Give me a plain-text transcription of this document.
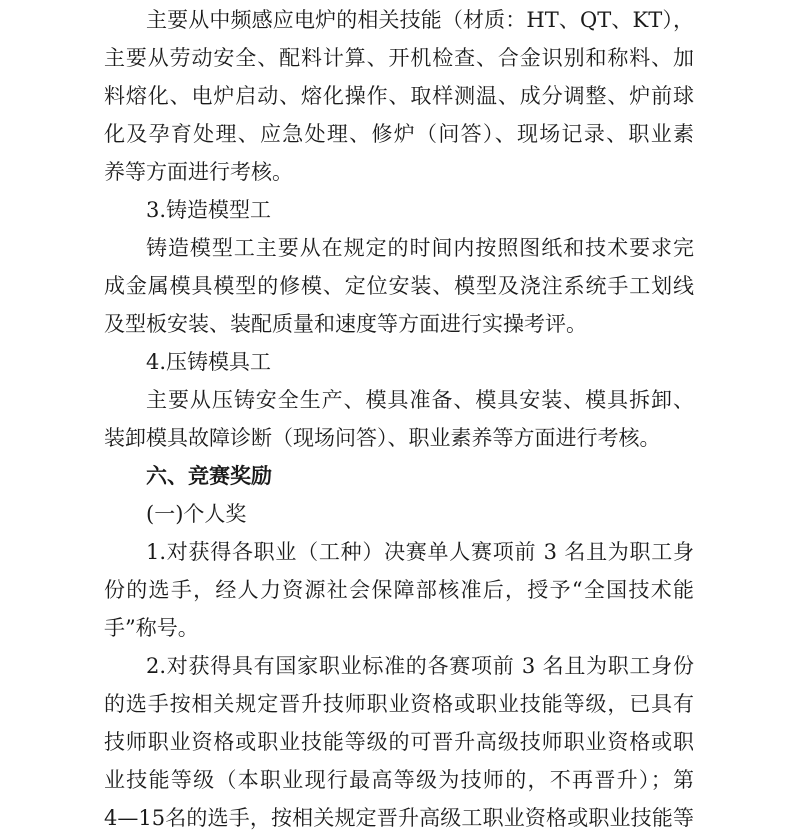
主要从中频感应电炉的相关技能（材质：HT、QT、KT），
主要从劳动安全、配料计算、开机检查、合金识别和称料、加
料熔化、电炉启动、熔化操作、取样测温、成分调整、炉前球
化及孕育处理、应急处理、修炉（问答）、现场记录、职业素
养等方面进行考核。
3.铸造模型工
铸造模型工主要从在规定的时间内按照图纸和技术要求完
成金属模具模型的修模、定位安装、模型及浇注系统手工划线
及型板安装、装配质量和速度等方面进行实操考评。
4.压铸模具工
主要从压铸安全生产、模具准备、模具安装、模具拆卸、
装卸模具故障诊断（现场问答）、职业素养等方面进行考核。
六、竞赛奖励
(一)个人奖
1.对获得各职业（工种）决赛单人赛项前 3 名且为职工身
份的选手，经人力资源社会保障部核准后，授予“全国技术能
手”称号。
2.对获得具有国家职业标准的各赛项前 3 名且为职工身份
的选手按相关规定晋升技师职业资格或职业技能等级，已具有
技师职业资格或职业技能等级的可晋升高级技师职业资格或职
业技能等级（本职业现行最高等级为技师的，不再晋升）；第
4—15名的选手，按相关规定晋升高级工职业资格或职业技能等
